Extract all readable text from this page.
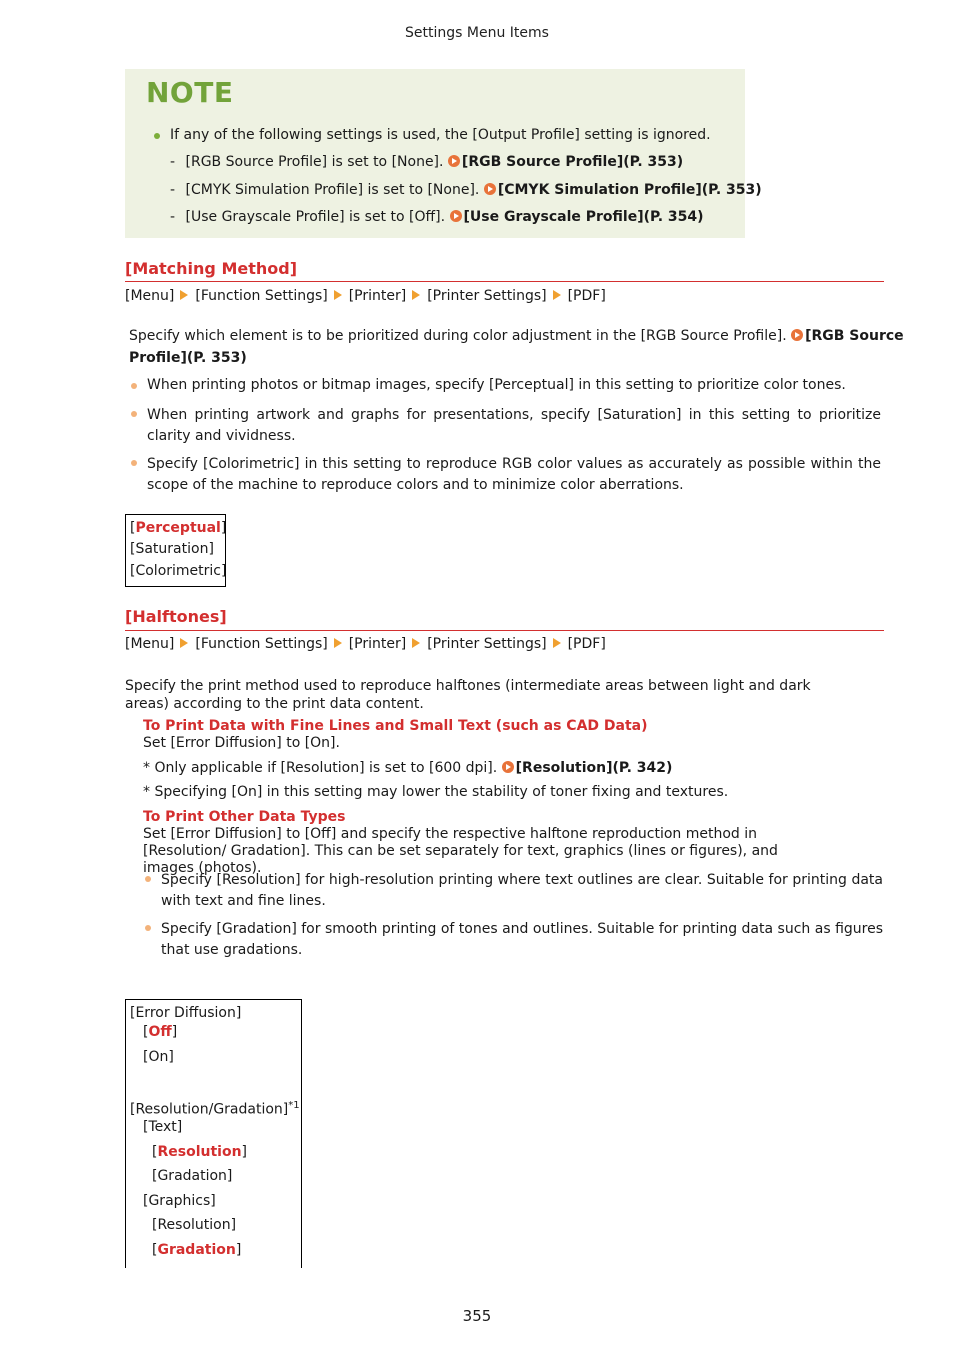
Settings Menu Items
NOTE
If any of the following settings is used, the [Output Profile] setting is ignored.
- [RGB Source Profile] is set to [None]. [RGB Source Profile](P. 353)
- [CMYK Simulation Profile] is set to [None]. [CMYK Simulation Profile](P. 353)
- [Use Grayscale Profile] is set to [Off]. [Use Grayscale Profile](P. 354)
[Matching Method]
[Menu] [Function Settings] [Printer] [Printer Settings] [PDF]
Specify which element is to be prioritized during color adjustment in the [RGB Source Profile]. [RGB Source
Profile](P. 353)
When printing photos or bitmap images, specify [Perceptual] in this setting to prioritize color tones.
When printing artwork and graphs for presentations, specify [Saturation] in this setting to prioritize clarity and vividness.
Specify [Colorimetric] in this setting to reproduce RGB color values as accurately as possible within the scope of the machine to reproduce colors and to minimize color aberrations.
[Perceptual]
[Saturation]
[Colorimetric]
[Halftones]
[Menu] [Function Settings] [Printer] [Printer Settings] [PDF]
Specify the print method used to reproduce halftones (intermediate areas between light and dark areas) according to the print data content.
To Print Data with Fine Lines and Small Text (such as CAD Data)
Set [Error Diffusion] to [On].
* Only applicable if [Resolution] is set to [600 dpi]. [Resolution](P. 342)
* Specifying [On] in this setting may lower the stability of toner fixing and textures.
To Print Other Data Types
Set [Error Diffusion] to [Off] and specify the respective halftone reproduction method in [Resolution/ Gradation]. This can be set separately for text, graphics (lines or figures), and images (photos).
Specify [Resolution] for high-resolution printing where text outlines are clear. Suitable for printing data with text and fine lines.
Specify [Gradation] for smooth printing of tones and outlines. Suitable for printing data such as figures that use gradations.
[Error Diffusion]
[Off]
[On]
[Resolution/Gradation]$^{*1}$
[Text]
[Resolution]
[Gradation]
[Graphics]
[Resolution]
[Gradation]
355
